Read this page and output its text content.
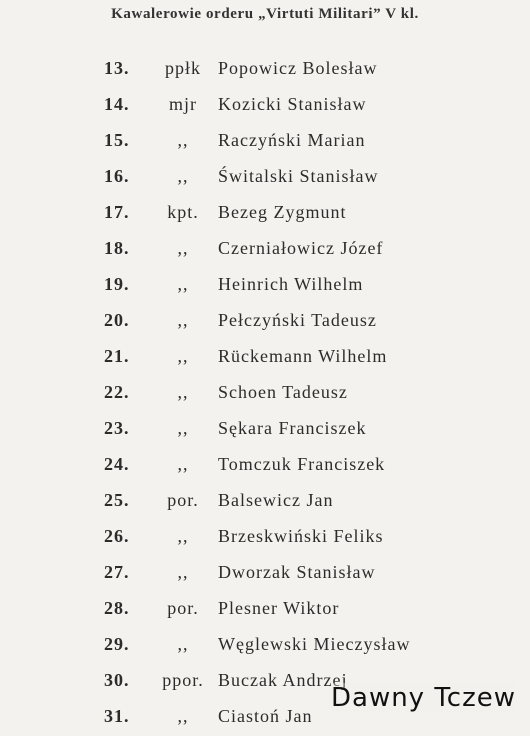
Kawalerowie orderu „Virtuti Militari” V kl.
13.	ppłk Popowicz Bolesław
14.	mjr	Kozicki Stanisław
15.	,,	Raczyński Marian
16.	,,	Świtalski Stanisław
17.	kpt.	Bezeg Zygmunt
18.	,,	Czerniałowicz Józef
19.	,,	Heinrich Wilhelm
20.	,,	Pełczyński Tadeusz
21.	,,	Rückemann Wilhelm
22.	,,	Schoen Tadeusz
23.	,,	Sękara Franciszek
24.	,,	Tomczuk Franciszek
25.	por.	Balsewicz Jan
26.	,,	Brzeskwiński Feliks
27.	,,	Dworzak Stanisław
28.	por.	Plesner Wiktor
29.	,,	Węglewski Mieczysław
30.	ppor. Buczak Andrzej
31.	,,	Ciastoń Jan
Dawny Tczew
